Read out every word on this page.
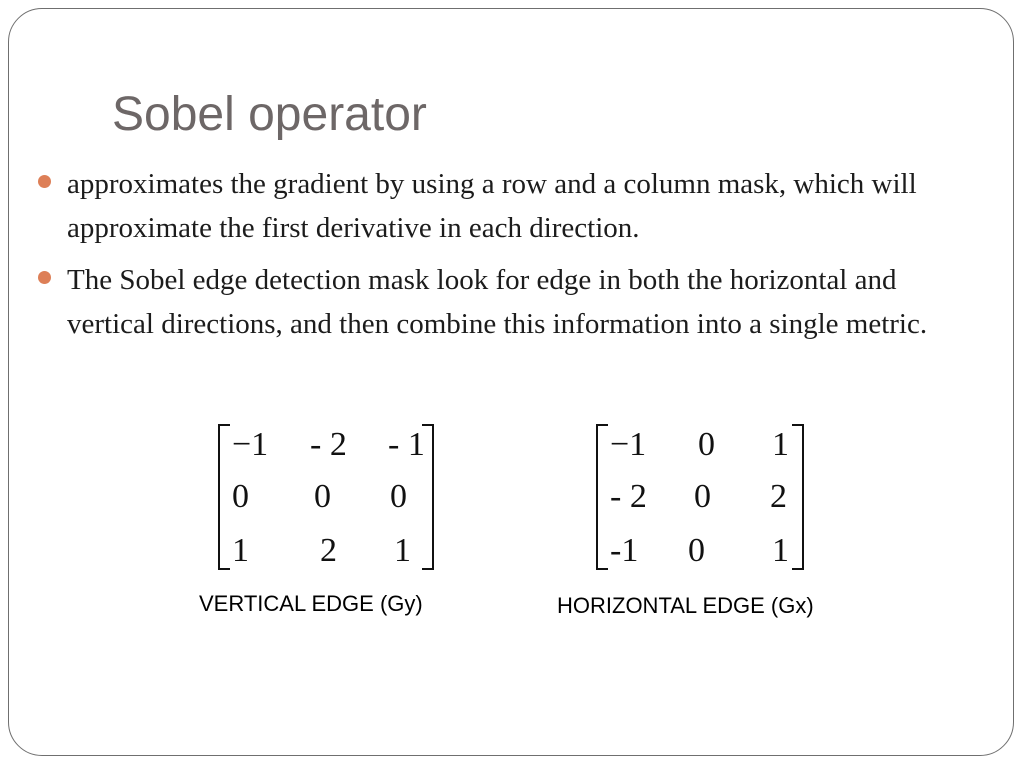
Sobel operator
approximates the gradient by using a row and a column mask, which will approximate the first derivative in each direction.
The Sobel edge detection mask look for edge in both the horizontal and vertical directions, and then combine this information into a single metric.
−1 - 2 - 1
0 0 0
1 2 1
VERTICAL EDGE (Gy)
−1 0 1
- 2 0 2
-1 0 1
HORIZONTAL EDGE (Gx)
